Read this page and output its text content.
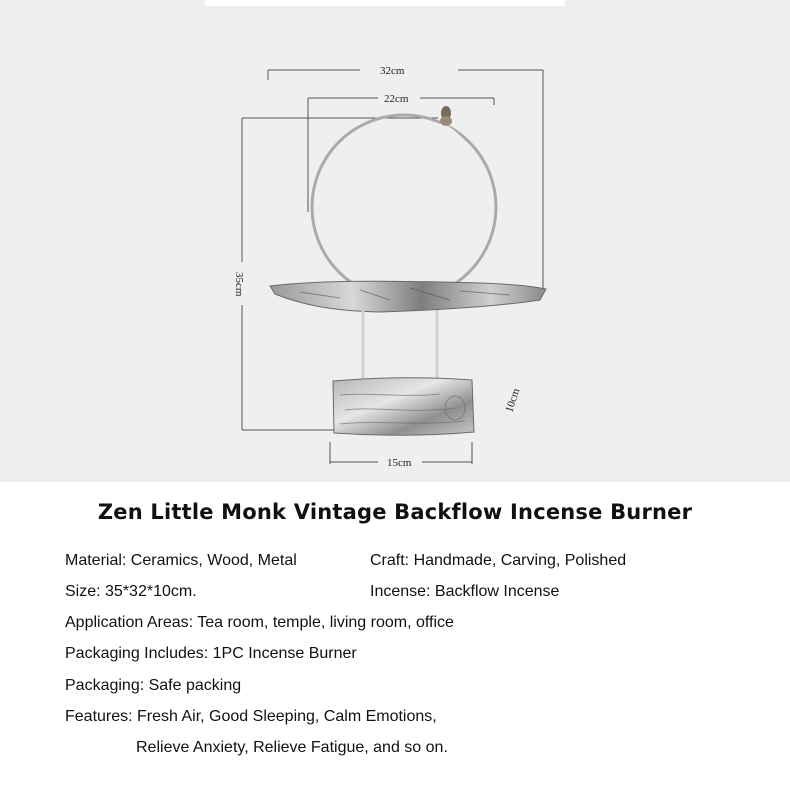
32cm
22cm
35cm
15cm
10cm
Zen Little Monk Vintage Backflow Incense Burner
Material: Ceramics, Wood, Metal	Craft: Handmade, Carving, Polished
Size: 35*32*10cm.	Incense: Backflow Incense
Application Areas: Tea room, temple, living room, office
Packaging Includes: 1PC Incense Burner
Packaging: Safe packing
Features: Fresh Air, Good Sleeping, Calm Emotions,
Relieve Anxiety, Relieve Fatigue, and so on.
